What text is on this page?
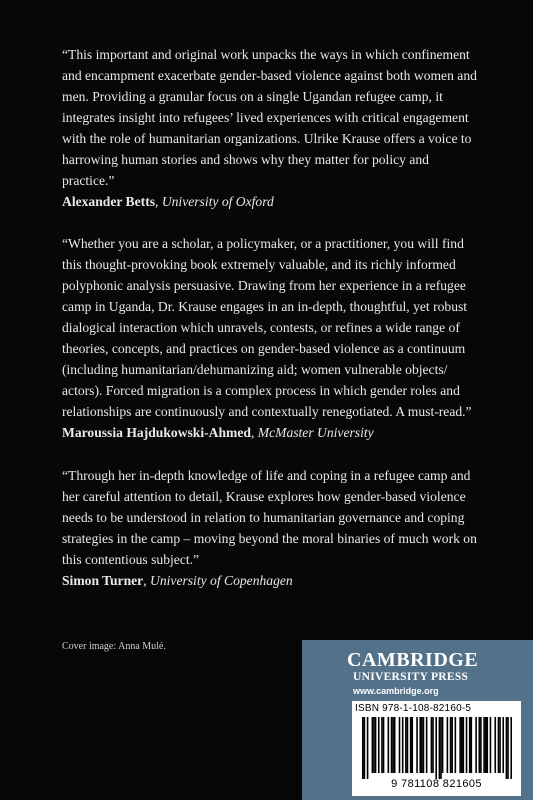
“This important and original work unpacks the ways in which confinement and encampment exacerbate gender-based violence against both women and men. Providing a granular focus on a single Ugandan refugee camp, it integrates insight into refugees’ lived experiences with critical engagement with the role of humanitarian organizations. Ulrike Krause offers a voice to harrowing human stories and shows why they matter for policy and practice.”

Alexander Betts, University of Oxford

“Whether you are a scholar, a policymaker, or a practitioner, you will find this thought-provoking book extremely valuable, and its richly informed polyphonic analysis persuasive. Drawing from her experience in a refugee camp in Uganda, Dr. Krause engages in an in-depth, thoughtful, yet robust dialogical interaction which unravels, contests, or refines a wide range of theories, concepts, and practices on gender-based violence as a continuum (including humanitarian/dehumanizing aid; women vulnerable objects/ actors). Forced migration is a complex process in which gender roles and relationships are continuously and contextually renegotiated. A must-read.”

Maroussia Hajdukowski-Ahmed, McMaster University

“Through her in-depth knowledge of life and coping in a refugee camp and her careful attention to detail, Krause explores how gender-based violence needs to be understood in relation to humanitarian governance and coping strategies in the camp – moving beyond the moral binaries of much work on this contentious subject.”

Simon Turner, University of Copenhagen

Cover image: Anna Mulé.
CAMBRIDGE
UNIVERSITY PRESS
www.cambridge.org
ISBN 978-1-108-82160-5
9 781108 821605
